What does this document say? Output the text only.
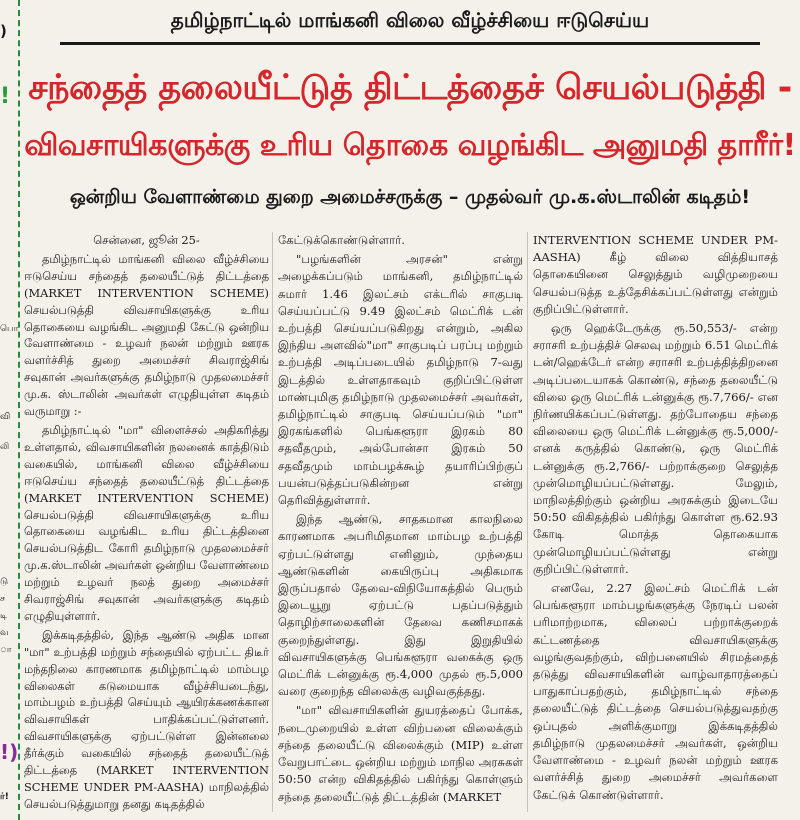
)
!
பொ
வி
லி
டு
ச
டி
வ
ா
!)
ர்!
தமிழ்நாட்டில் மாங்கனி விலை வீழ்ச்சியை ஈடுசெய்ய
சந்தைத் தலையீட்டுத் திட்டத்தைச் செயல்படுத்தி -
விவசாயிகளுக்கு உரிய தொகை வழங்கிட அனுமதி தாரீர்!
ஒன்றிய வேளாண்மை துறை அமைச்சருக்கு – முதல்வர் மு.க.ஸ்டாலின் கடிதம்!

சென்னை, ஜூன் 25-

தமிழ்நாட்டில் மாங்கனி விலை வீழ்ச்சியை ஈடுசெய்ய சந்தைத் தலையீட்டுத் திட்டத்தை (MARKET INTERVENTION SCHEME) செயல்படுத்தி விவசாயிகளுக்கு உரிய தொகையை வழங்கிட அனுமதி கேட்டு ஒன்றிய வேளாண்மை - உழவர் நலன் மற்றும் ஊரக வளர்ச்சித் துறை அமைச்சர் சிவராஜ்சிங் சவுகான் அவர்களுக்கு தமிழ்நாடு முதலமைச்சர் மு.க. ஸ்டாலின் அவர்கள் எழுதியுள்ள கடிதம் வருமாறு :-

தமிழ்நாட்டில் "மா" விளைச்சல் அதிகரித்து உள்ளதால், விவசாயிகளின் நலனைக் காத்திடும் வகையில், மாங்கனி விலை வீழ்ச்சியை ஈடுசெய்ய சந்தைத் தலையீட்டுத் திட்டத்தை (MARKET INTERVENTION SCHEME) செயல்படுத்தி விவசாயிகளுக்கு உரிய தொகையை வழங்கிட உரிய திட்டத்தினை செயல்படுத்திட கோரி தமிழ்நாடு முதலமைச்சர் மு.க.ஸ்டாலின் அவர்கள் ஒன்றிய வேளாண்மை மற்றும் உழவர் நலத் துறை அமைச்சர் சிவராஜ்சிங் சவுகான் அவர்களுக்கு கடிதம் எழுதியுள்ளார்.

இக்கடிதத்தில், இந்த ஆண்டு அதிக மான "மா" உற்பத்தி மற்றும் சந்தையில் ஏற்பட்ட திடீர் மந்தநிலை காரணமாக தமிழ்நாட்டில் மாம்பழ விலைகள் கடுமையாக வீழ்ச்சியடைந்து, மாம்பழம் உற்பத்தி செய்யும் ஆயிரக்கணக்கான விவசாயிகள் பாதிக்கப்பட்டுள்ளனர். விவசாயிகளுக்கு ஏற்பட்டுள்ள இன்னலை தீர்க்கும் வகையில் சந்தைத் தலையீட்டுத் திட்டத்தை (MARKET INTERVENTION SCHEME UNDER PM-AASHA) மாநிலத்தில் செயல்படுத்துமாறு தனது கடிதத்தில்

கேட்டுக்கொண்டுள்ளார்.

"பழங்களின் அரசன்" என்று அழைக்கப்படும் மாங்கனி, தமிழ்நாட்டில் சுமார் 1.46 இலட்சம் எக்டரில் சாகுபடி செய்யப்பட்டு 9.49 இலட்சம் மெட்ரிக் டன் உற்பத்தி செய்யப்படுகிறது என்றும், அகில இந்திய அளவில்"மா" சாகுபடிப் பரப்பு மற்றும் உற்பத்தி அடிப்படையில் தமிழ்நாடு 7-வது இடத்தில் உள்ளதாகவும் குறிப்பிட்டுள்ள மாண்புமிகு தமிழ்நாடு முதலமைச்சர் அவர்கள், தமிழ்நாட்டில் சாகுபடி செய்யப்படும் "மா" இரகங்களில் பெங்களூரா இரகம் 80 சதவீதமும், அல்போன்சா இரகம் 50 சதவீதமும் மாம்பழக்கூழ் தயாரிப்பிற்குப் பயன்படுத்தப்படுகின்றன என்று தெரிவித்துள்ளார்.

இந்த ஆண்டு, சாதகமான காலநிலை காரணமாக அபரிமிதமான மாம்பழ உற்பத்தி ஏற்பட்டுள்ளது எனினும், முந்தைய ஆண்டுகளின் கையிருப்பு அதிகமாக இருப்பதால் தேவை-விநியோகத்தில் பெரும் இடையூறு ஏற்பட்டு பதப்படுத்தும் தொழிற்சாலைகளின் தேவை கணிசமாகக் குறைந்துள்ளது. இது இறுதியில் விவசாயிகளுக்கு பெங்களூரா வகைக்கு ஒரு மெட்ரிக் டன்னுக்கு ரூ.4,000 முதல் ரூ.5,000 வரை குறைந்த விலைக்கு வழிவகுத்தது.

"மா" விவசாயிகளின் துயரத்தைப் போக்க, நடைமுறையில் உள்ள விற்பனை விலைக்கும் சந்தை தலையீட்டு விலைக்கும் (MIP) உள்ள வேறுபாட்டை ஒன்றிய மற்றும் மாநில அரசுகள் 50:50 என்ற விகிதத்தில் பகிர்ந்து கொள்ளும் சந்தை தலையீட்டுத் திட்டத்தின் (MARKET

INTERVENTION SCHEME UNDER PM-AASHA) கீழ் விலை வித்தியாசத் தொகையினை செலுத்தும் வழிமுறையை செயல்படுத்த உத்தேசிக்கப்பட்டுள்ளது என்றும் குறிப்பிட்டுள்ளார்.

ஒரு ஹெக்டேருக்கு ரூ.50,553/- என்ற சராசரி உற்பத்திச் செலவு மற்றும் 6.51 மெட்ரிக் டன்/ஹெக்டேர் என்ற சராசரி உற்பத்தித்திறனை அடிப்படையாகக் கொண்டு, சந்தை தலையீட்டு விலை ஒரு மெட்ரிக் டன்னுக்கு ரூ.7,766/- என நிர்ணயிக்கப்பட்டுள்ளது. தற்போதைய சந்தை விலையை ஒரு மெட்ரிக் டன்னுக்கு ரூ.5,000/- எனக் கருத்தில் கொண்டு, ஒரு மெட்ரிக் டன்னுக்கு ரூ.2,766/- பற்றாக்குறை செலுத்த முன்மொழியப்பட்டுள்ளது. மேலும், மாநிலத்திற்கும் ஒன்றிய அரசுக்கும் இடையே 50:50 விகிதத்தில் பகிர்ந்து கொள்ள ரூ.62.93 கோடி மொத்த தொகையாக முன்மொழியப்பட்டுள்ளது என்று குறிப்பிட்டுள்ளார்.

எனவே, 2.27 இலட்சம் மெட்ரிக் டன் பெங்களூரா மாம்பழங்களுக்கு நேரடிப் பலன் பரிமாற்றமாக, விலைப் பற்றாக்குறைக் கட்டணத்தை விவசாயிகளுக்கு வழங்குவதற்கும், விற்பனையில் சிரமத்தைத் தடுத்து விவசாயிகளின் வாழ்வாதாரத்தைப் பாதுகாப்பதற்கும், தமிழ்நாட்டில் சந்தை தலையீட்டுத் திட்டத்தை செயல்படுத்துவதற்கு ஒப்புதல் அளிக்குமாறு இக்கடிதத்தில் தமிழ்நாடு முதலமைச்சர் அவர்கள், ஒன்றிய வேளாண்மை - உழவர் நலன் மற்றும் ஊரக வளர்ச்சித் துறை அமைச்சர் அவர்களை கேட்டுக் கொண்டுள்ளார்.
